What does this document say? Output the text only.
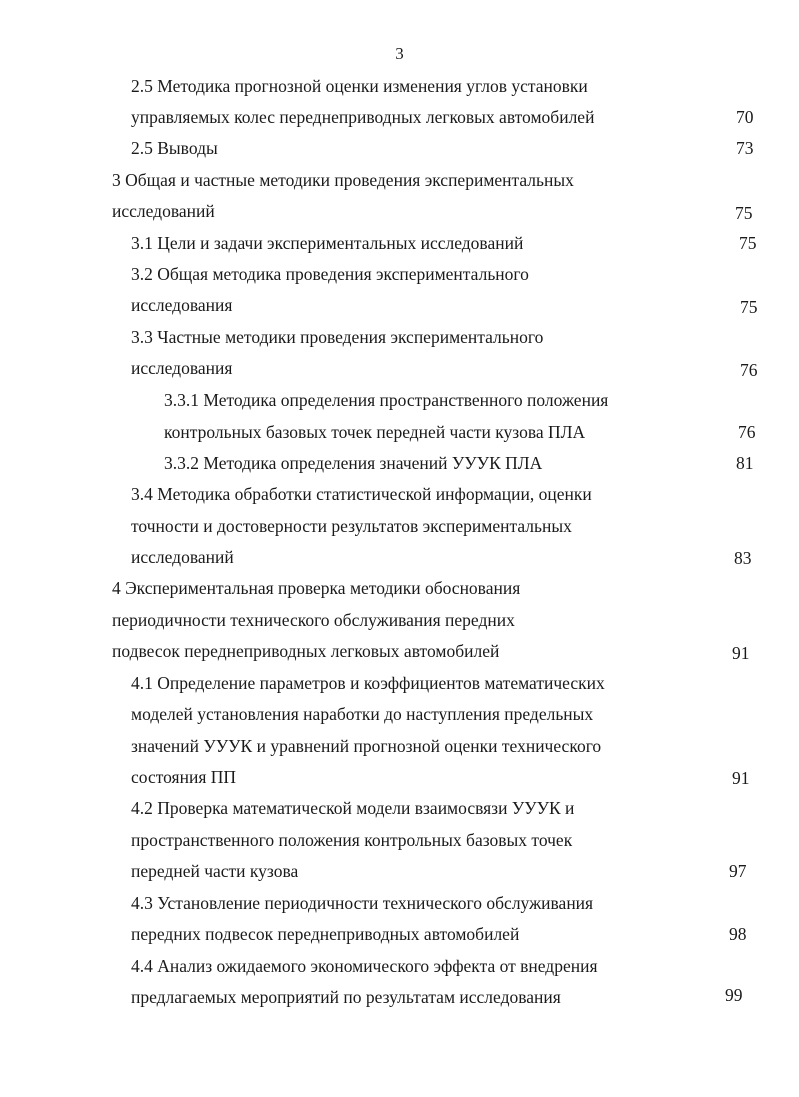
3
2.5 Методика прогнозной оценки изменения углов установки
управляемых колес переднеприводных легковых автомобилей	70
2.5 Выводы	73
3 Общая и частные методики проведения экспериментальных
исследований	75
3.1 Цели и задачи экспериментальных исследований	75
3.2 Общая методика проведения экспериментального
исследования	75
3.3 Частные методики проведения экспериментального
исследования	76
3.3.1 Методика определения пространственного положения
контрольных базовых точек передней части кузова ПЛА	76
3.3.2 Методика определения значений УУУК ПЛА	81
3.4 Методика обработки статистической информации, оценки
точности и достоверности результатов экспериментальных
исследований	83
4 Экспериментальная проверка методики обоснования
периодичности технического обслуживания передних
подвесок переднеприводных легковых автомобилей	91
4.1 Определение параметров и коэффициентов математических
моделей установления наработки до наступления предельных
значений УУУК и уравнений прогнозной оценки технического
состояния ПП	91
4.2 Проверка математической модели взаимосвязи УУУК и
пространственного положения контрольных базовых точек
передней части кузова	97
4.3 Установление периодичности технического обслуживания
передних подвесок переднеприводных автомобилей	98
4.4 Анализ ожидаемого экономического эффекта от внедрения
предлагаемых мероприятий по результатам исследования	99
